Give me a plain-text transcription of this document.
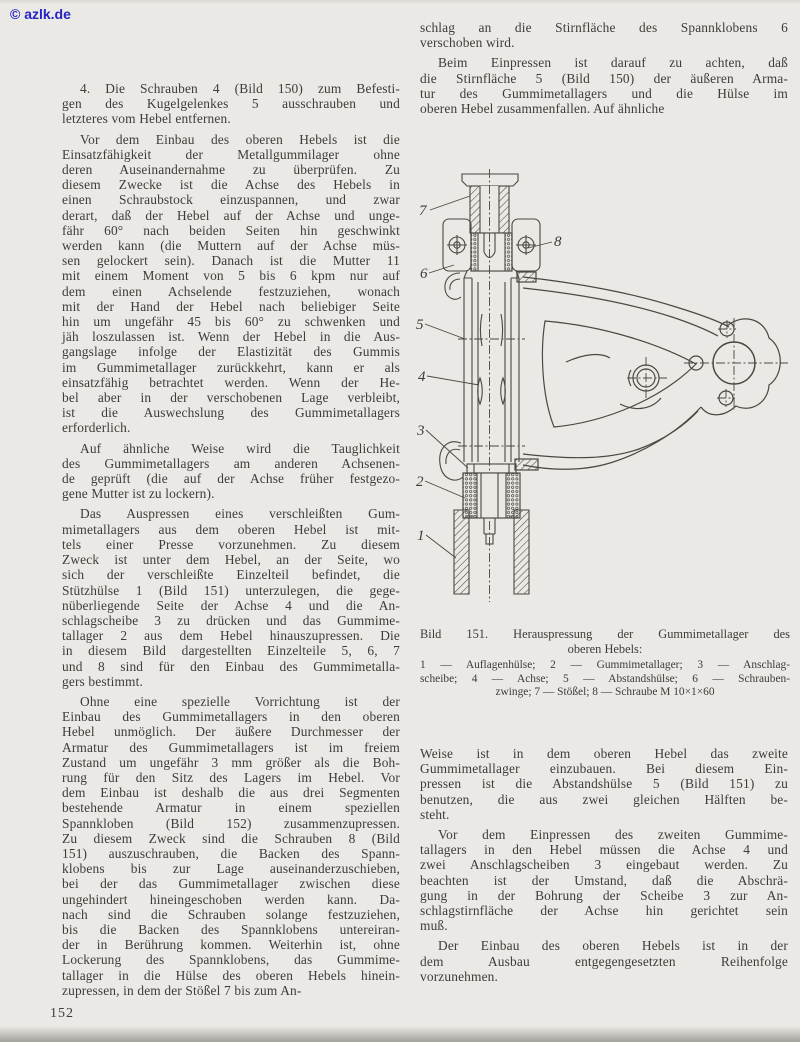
© azlk.de
4. Die Schrauben 4 (Bild 150) zum Befesti-
gen des Kugelgelenkes 5 ausschrauben und
letzteres vom Hebel entfernen.
Vor dem Einbau des oberen Hebels ist die
Einsatzfähigkeit der Metallgummilager ohne
deren Auseinandernahme zu überprüfen. Zu
diesem Zwecke ist die Achse des Hebels in
einen Schraubstock einzuspannen, und zwar
derart, daß der Hebel auf der Achse und unge-
fähr 60° nach beiden Seiten hin geschwinkt
werden kann (die Muttern auf der Achse müs-
sen gelockert sein). Danach ist die Mutter 11
mit einem Moment von 5 bis 6 kpm nur auf
dem einen Achselende festzuziehen, wonach
mit der Hand der Hebel nach beliebiger Seite
hin um ungefähr 45 bis 60° zu schwenken und
jäh loszulassen ist. Wenn der Hebel in die Aus-
gangslage infolge der Elastizität des Gummis
im Gummimetallager zurückkehrt, kann er als
einsatzfähig betrachtet werden. Wenn der He-
bel aber in der verschobenen Lage verbleibt,
ist die Auswechslung des Gummimetallagers
erforderlich.
Auf ähnliche Weise wird die Tauglichkeit
des Gummimetallagers am anderen Achsenen-
de geprüft (die auf der Achse früher festgezo-
gene Mutter ist zu lockern).
Das Auspressen eines verschleißten Gum-
mimetallagers aus dem oberen Hebel ist mit-
tels einer Presse vorzunehmen. Zu diesem
Zweck ist unter dem Hebel, an der Seite, wo
sich der verschleißte Einzelteil befindet, die
Stützhülse 1 (Bild 151) unterzulegen, die gege-
nüberliegende Seite der Achse 4 und die An-
schlagscheibe 3 zu drücken und das Gummime-
tallager 2 aus dem Hebel hinauszupressen. Die
in diesem Bild dargestellten Einzelteile 5, 6, 7
und 8 sind für den Einbau des Gummimetalla-
gers bestimmt.
Ohne eine spezielle Vorrichtung ist der
Einbau des Gummimetallagers in den oberen
Hebel unmöglich. Der äußere Durchmesser der
Armatur des Gummimetallagers ist im freiem
Zustand um ungefähr 3 mm größer als die Boh-
rung für den Sitz des Lagers im Hebel. Vor
dem Einbau ist deshalb die aus drei Segmenten
bestehende Armatur in einem speziellen
Spannkloben (Bild 152) zusammenzupressen.
Zu diesem Zweck sind die Schrauben 8 (Bild
151) auszuschrauben, die Backen des Spann-
klobens bis zur Lage auseinanderzuschieben,
bei der das Gummimetallager zwischen diese
ungehindert hineingeschoben werden kann. Da-
nach sind die Schrauben solange festzuziehen,
bis die Backen des Spannklobens untereiran-
der in Berührung kommen. Weiterhin ist, ohne
Lockerung des Spannklobens, das Gummime-
tallager in die Hülse des oberen Hebels hinein-
zupressen, in dem der Stößel 7 bis zum An-
schlag an die Stirnfläche des Spannklobens 6
verschoben wird.
Beim Einpressen ist darauf zu achten, daß
die Stirnfläche 5 (Bild 150) der äußeren Arma-
tur des Gummimetallagers und die Hülse im
oberen Hebel zusammenfallen. Auf ähnliche
Weise ist in dem oberen Hebel das zweite
Gummimetallager einzubauen. Bei diesem Ein-
pressen ist die Abstandshülse 5 (Bild 151) zu
benutzen, die aus zwei gleichen Hälften be-
steht.
Vor dem Einpressen des zweiten Gummime-
tallagers in den Hebel müssen die Achse 4 und
zwei Anschlagscheiben 3 eingebaut werden. Zu
beachten ist der Umstand, daß die Abschrä-
gung in der Bohrung der Scheibe 3 zur An-
schlagstirnfläche der Achse hin gerichtet sein
muß.
Der Einbau des oberen Hebels ist in der
dem Ausbau entgegengesetzten Reihenfolge
vorzunehmen.
7
8
6
5
4
3
2
1
Bild 151. Herauspressung der Gummimetallager des
oberen Hebels:
1 — Auflagenhülse; 2 — Gummimetallager; 3 — Anschlag-
scheibe; 4 — Achse; 5 — Abstandshülse; 6 — Schrauben-
zwinge; 7 — Stößel; 8 — Schraube M 10×1×60
152
